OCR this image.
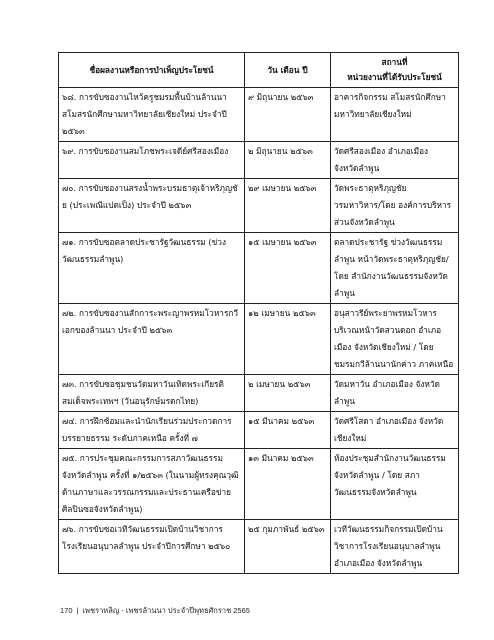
ชื่อผลงานหรือการบำเพ็ญประโยชน์	วัน เดือน ปี	สถานที่
หน่วยงานที่ได้รับประโยชน์

๖๘. การขับซองานไหว้ครูชมรมพื้นบ้านล้านนา สโมสรนักศึกษามหาวิทยาลัยเชียงใหม่ ประจำปี ๒๕๖๓	๙ มิถุนายน ๒๕๖๓	อาคารกิจกรรม สโมสรนักศึกษา มหาวิทยาลัยเชียงใหม่
๖๙. การขับซองานสมโภชพระเจดีย์ศรีสองเมือง	๒ มิถุนายน ๒๕๖๓	วัดศรีสองเมือง อำเภอเมือง จังหวัดลำพูน
๗๐. การขับซองานสรงน้ำพระบรมธาตุเจ้าหริภุญชัย (ประเพณีแปดเป็ง) ประจำปี ๒๕๖๓	๒๙ เมษายน ๒๕๖๓	วัดพระธาตุหริภุญชัย วรมหาวิหาร/โดย องค์การบริหารส่วนจังหวัดลำพูน
๗๑. การขับซอตลาดประชารัฐวัฒนธรรม (ข่วงวัฒนธรรมลำพูน)	๑๕ เมษายน ๒๕๖๓	ตลาดประชารัฐ ข่วงวัฒนธรรมลำพูน หน้าวัดพระธาตุหริภุญชัย/โดย สำนักงานวัฒนธรรมจังหวัดลำพูน
๗๒. การขับซองานสักการะพระญาพรหมโวหารกวีเอกของล้านนา ประจำปี ๒๕๖๓	๑๒ เมษายน ๒๕๖๓	อนุสาวรีย์พระยาพรหมโวหาร บริเวณหน้าวัดสวนดอก อำเภอเมือง จังหวัดเชียงใหม่ / โดย ชมรมกวีล้านนานักค่าว ภาคเหนือ
๗๓. การขับซอชุมชนวัดมหาวันเทิดพระเกียรติสมเด็จพระเทพฯ (วันอนุรักษ์มรดกไทย)	๒ เมษายน ๒๕๖๓	วัดมหาวัน อำเภอเมือง จังหวัดลำพูน
๗๔. การฝึกซ้อมและนำนักเรียนร่วมประกวดการบรรยายธรรม ระดับภาคเหนือ ครั้งที่ ๗	๑๕ มีนาคม ๒๕๖๓	วัดศรีโสดา อำเภอเมือง จังหวัดเชียงใหม่
๗๕. การประชุมคณะกรรมการสภาวัฒนธรรมจังหวัดลำพูน ครั้งที่ ๑/๒๕๖๓ (ในนามผู้ทรงคุณวุฒิด้านภาษาและวรรณกรรมและประธานเครือข่ายศิลปินซอจังหวัดลำพูน)	๑๓ มีนาคม ๒๕๖๓	ห้องประชุมสำนักงานวัฒนธรรมจังหวัดลำพูน / โดย สภาวัฒนธรรมจังหวัดลำพูน
๗๖. การขับซอเวทีวัฒนธรรมเปิดบ้านวิชาการโรงเรียนอนุบาลลำพูน ประจำปีการศึกษา ๒๕๖๐	๒๕ กุมภาพันธ์ ๒๕๖๓	เวทีวัฒนธรรมกิจกรรมเปิดบ้านวิชาการโรงเรียนอนุบาลลำพูน อำเภอเมือง จังหวัดลำพูน
170 | เพชราหลิญ - เพชรล้านนา ประจำปีพุทธศักราช 2565
